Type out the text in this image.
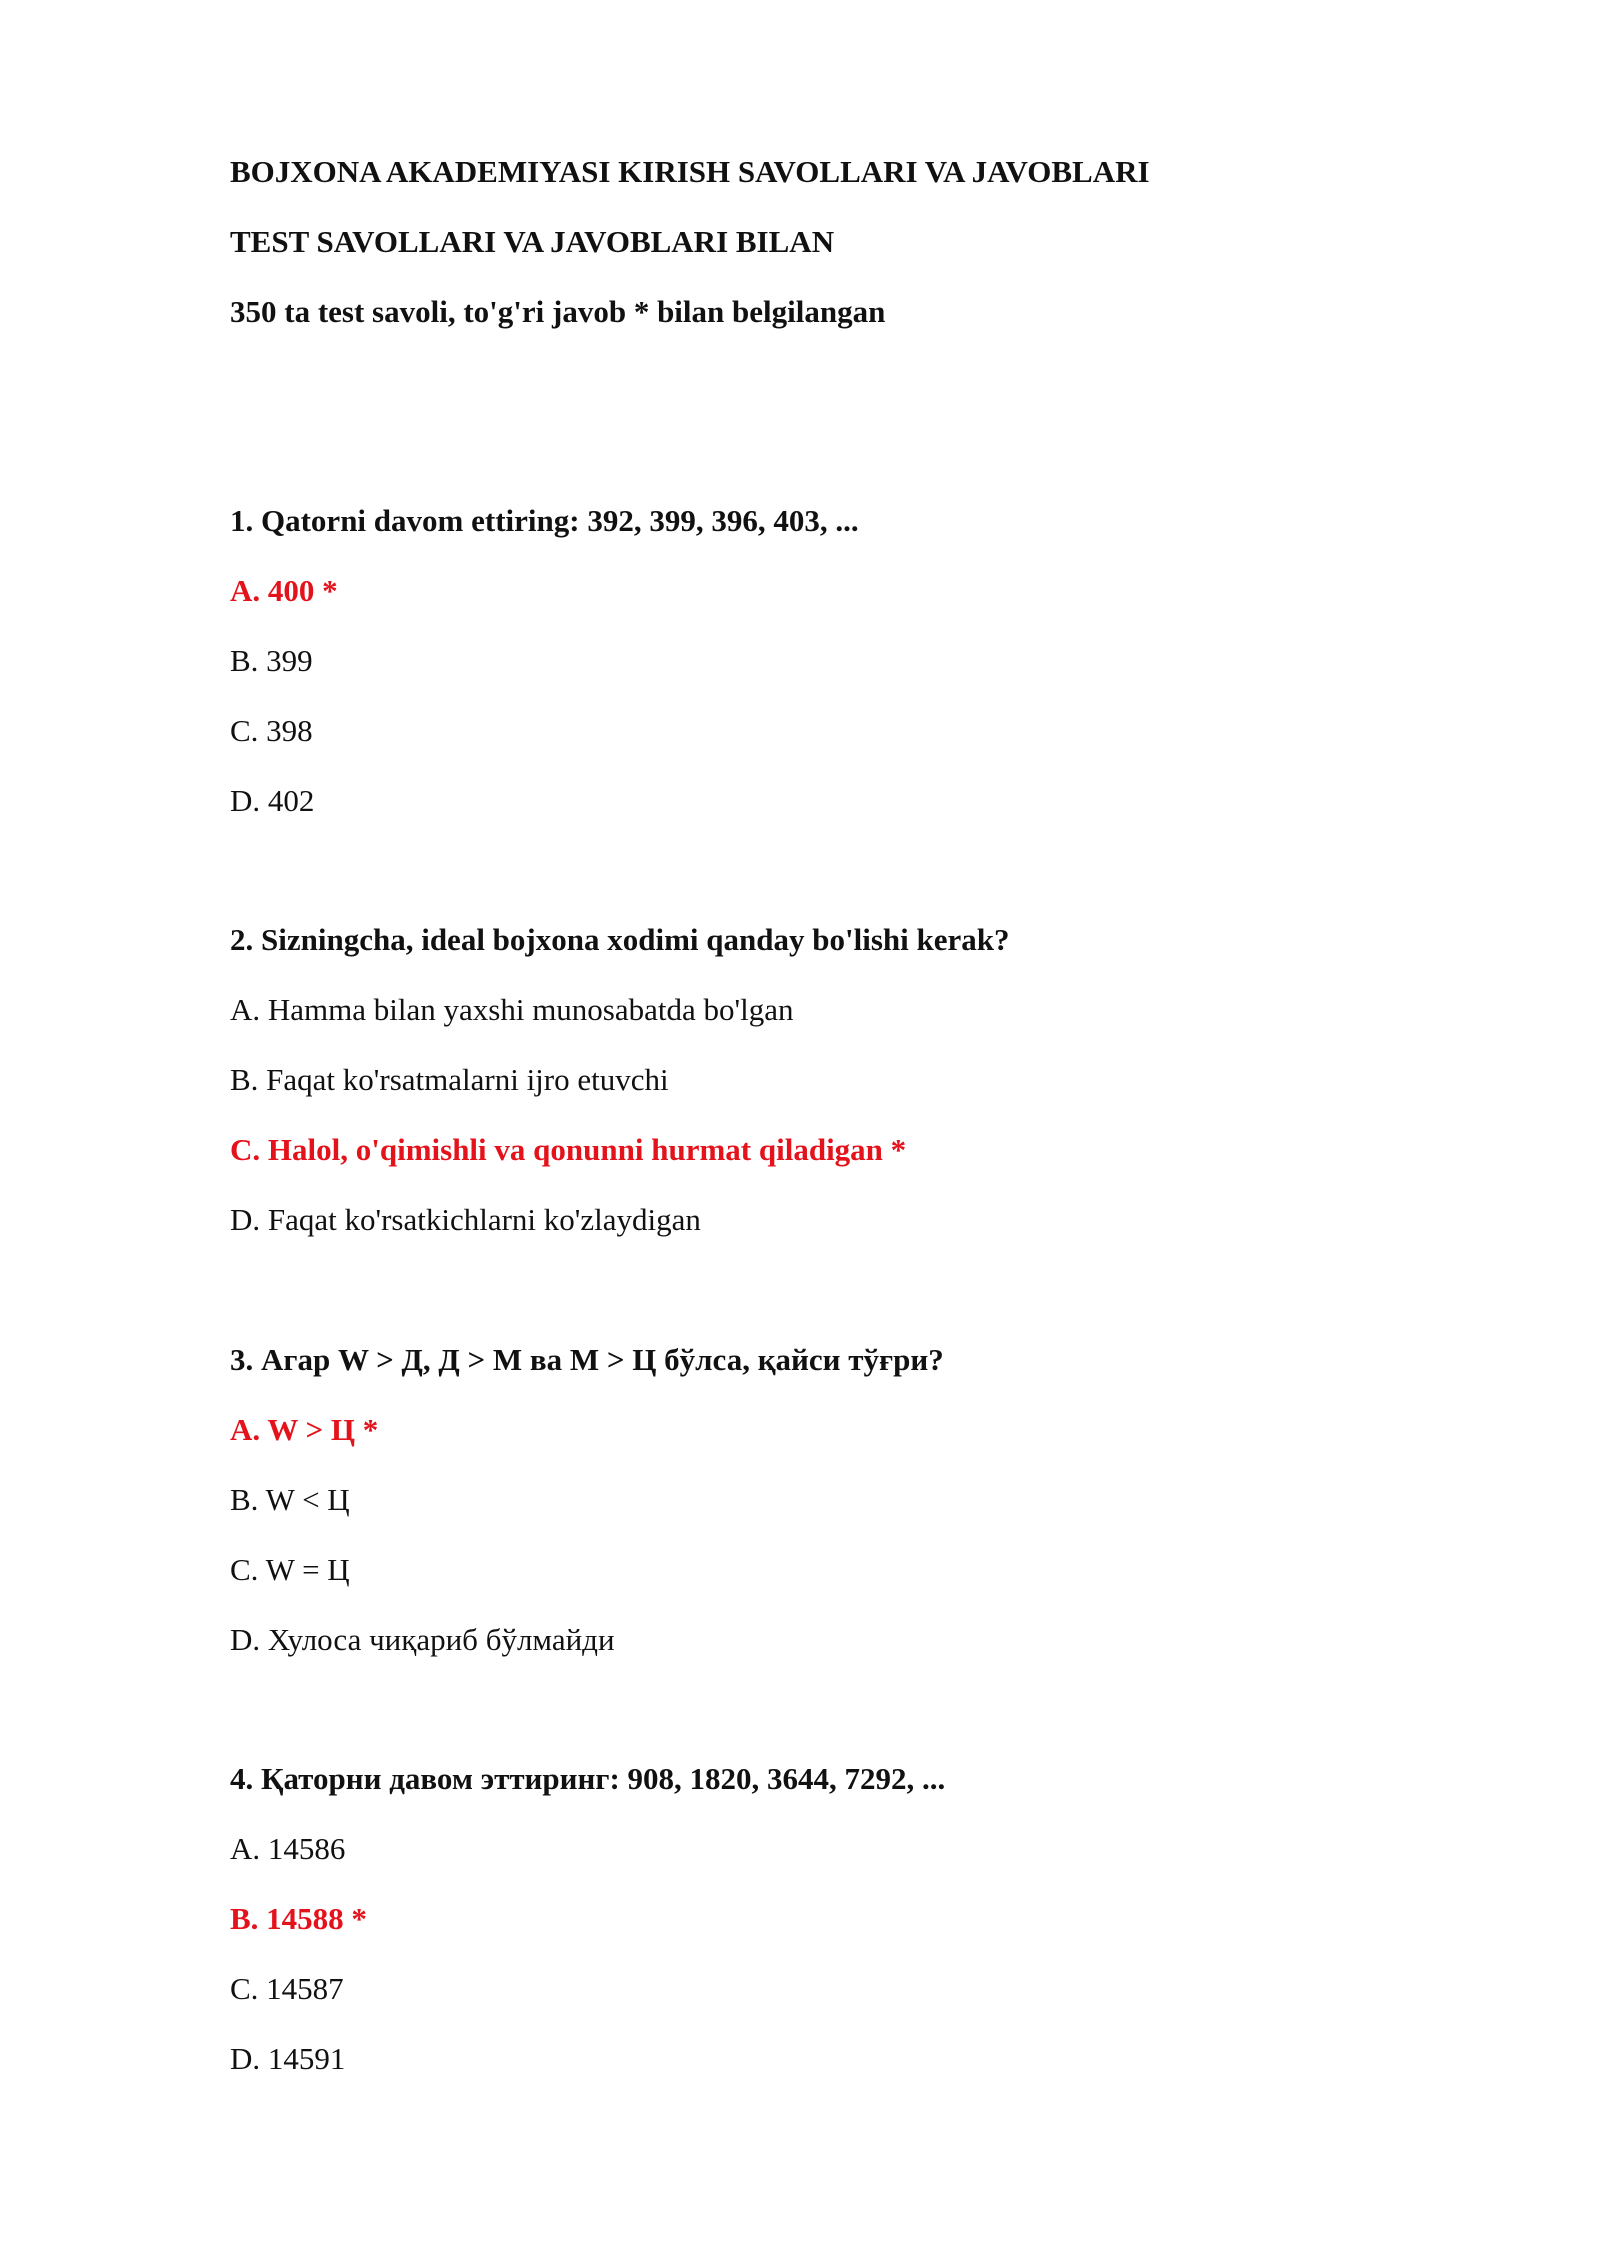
BOJXONA AKADEMIYASI KIRISH SAVOLLARI VA JAVOBLARI
TEST SAVOLLARI VA JAVOBLARI BILAN
350 ta test savoli, to'g'ri javob * bilan belgilangan
1. Qatorni davom ettiring: 392, 399, 396, 403, ...
A. 400 *
B. 399
C. 398
D. 402
2. Sizningcha, ideal bojxona xodimi qanday bo'lishi kerak?
A. Hamma bilan yaxshi munosabatda bo'lgan
B. Faqat ko'rsatmalarni ijro etuvchi
C. Halol, o'qimishli va qonunni hurmat qiladigan *
D. Faqat ko'rsatkichlarni ko'zlaydigan
3. Агар W > Д, Д > М ва М > Ц бўлса, қайси тўғри?
A. W > Ц *
B. W < Ц
C. W = Ц
D. Хулоса чиқариб бўлмайди
4. Қаторни давом эттиринг: 908, 1820, 3644, 7292, ...
A. 14586
B. 14588 *
C. 14587
D. 14591
